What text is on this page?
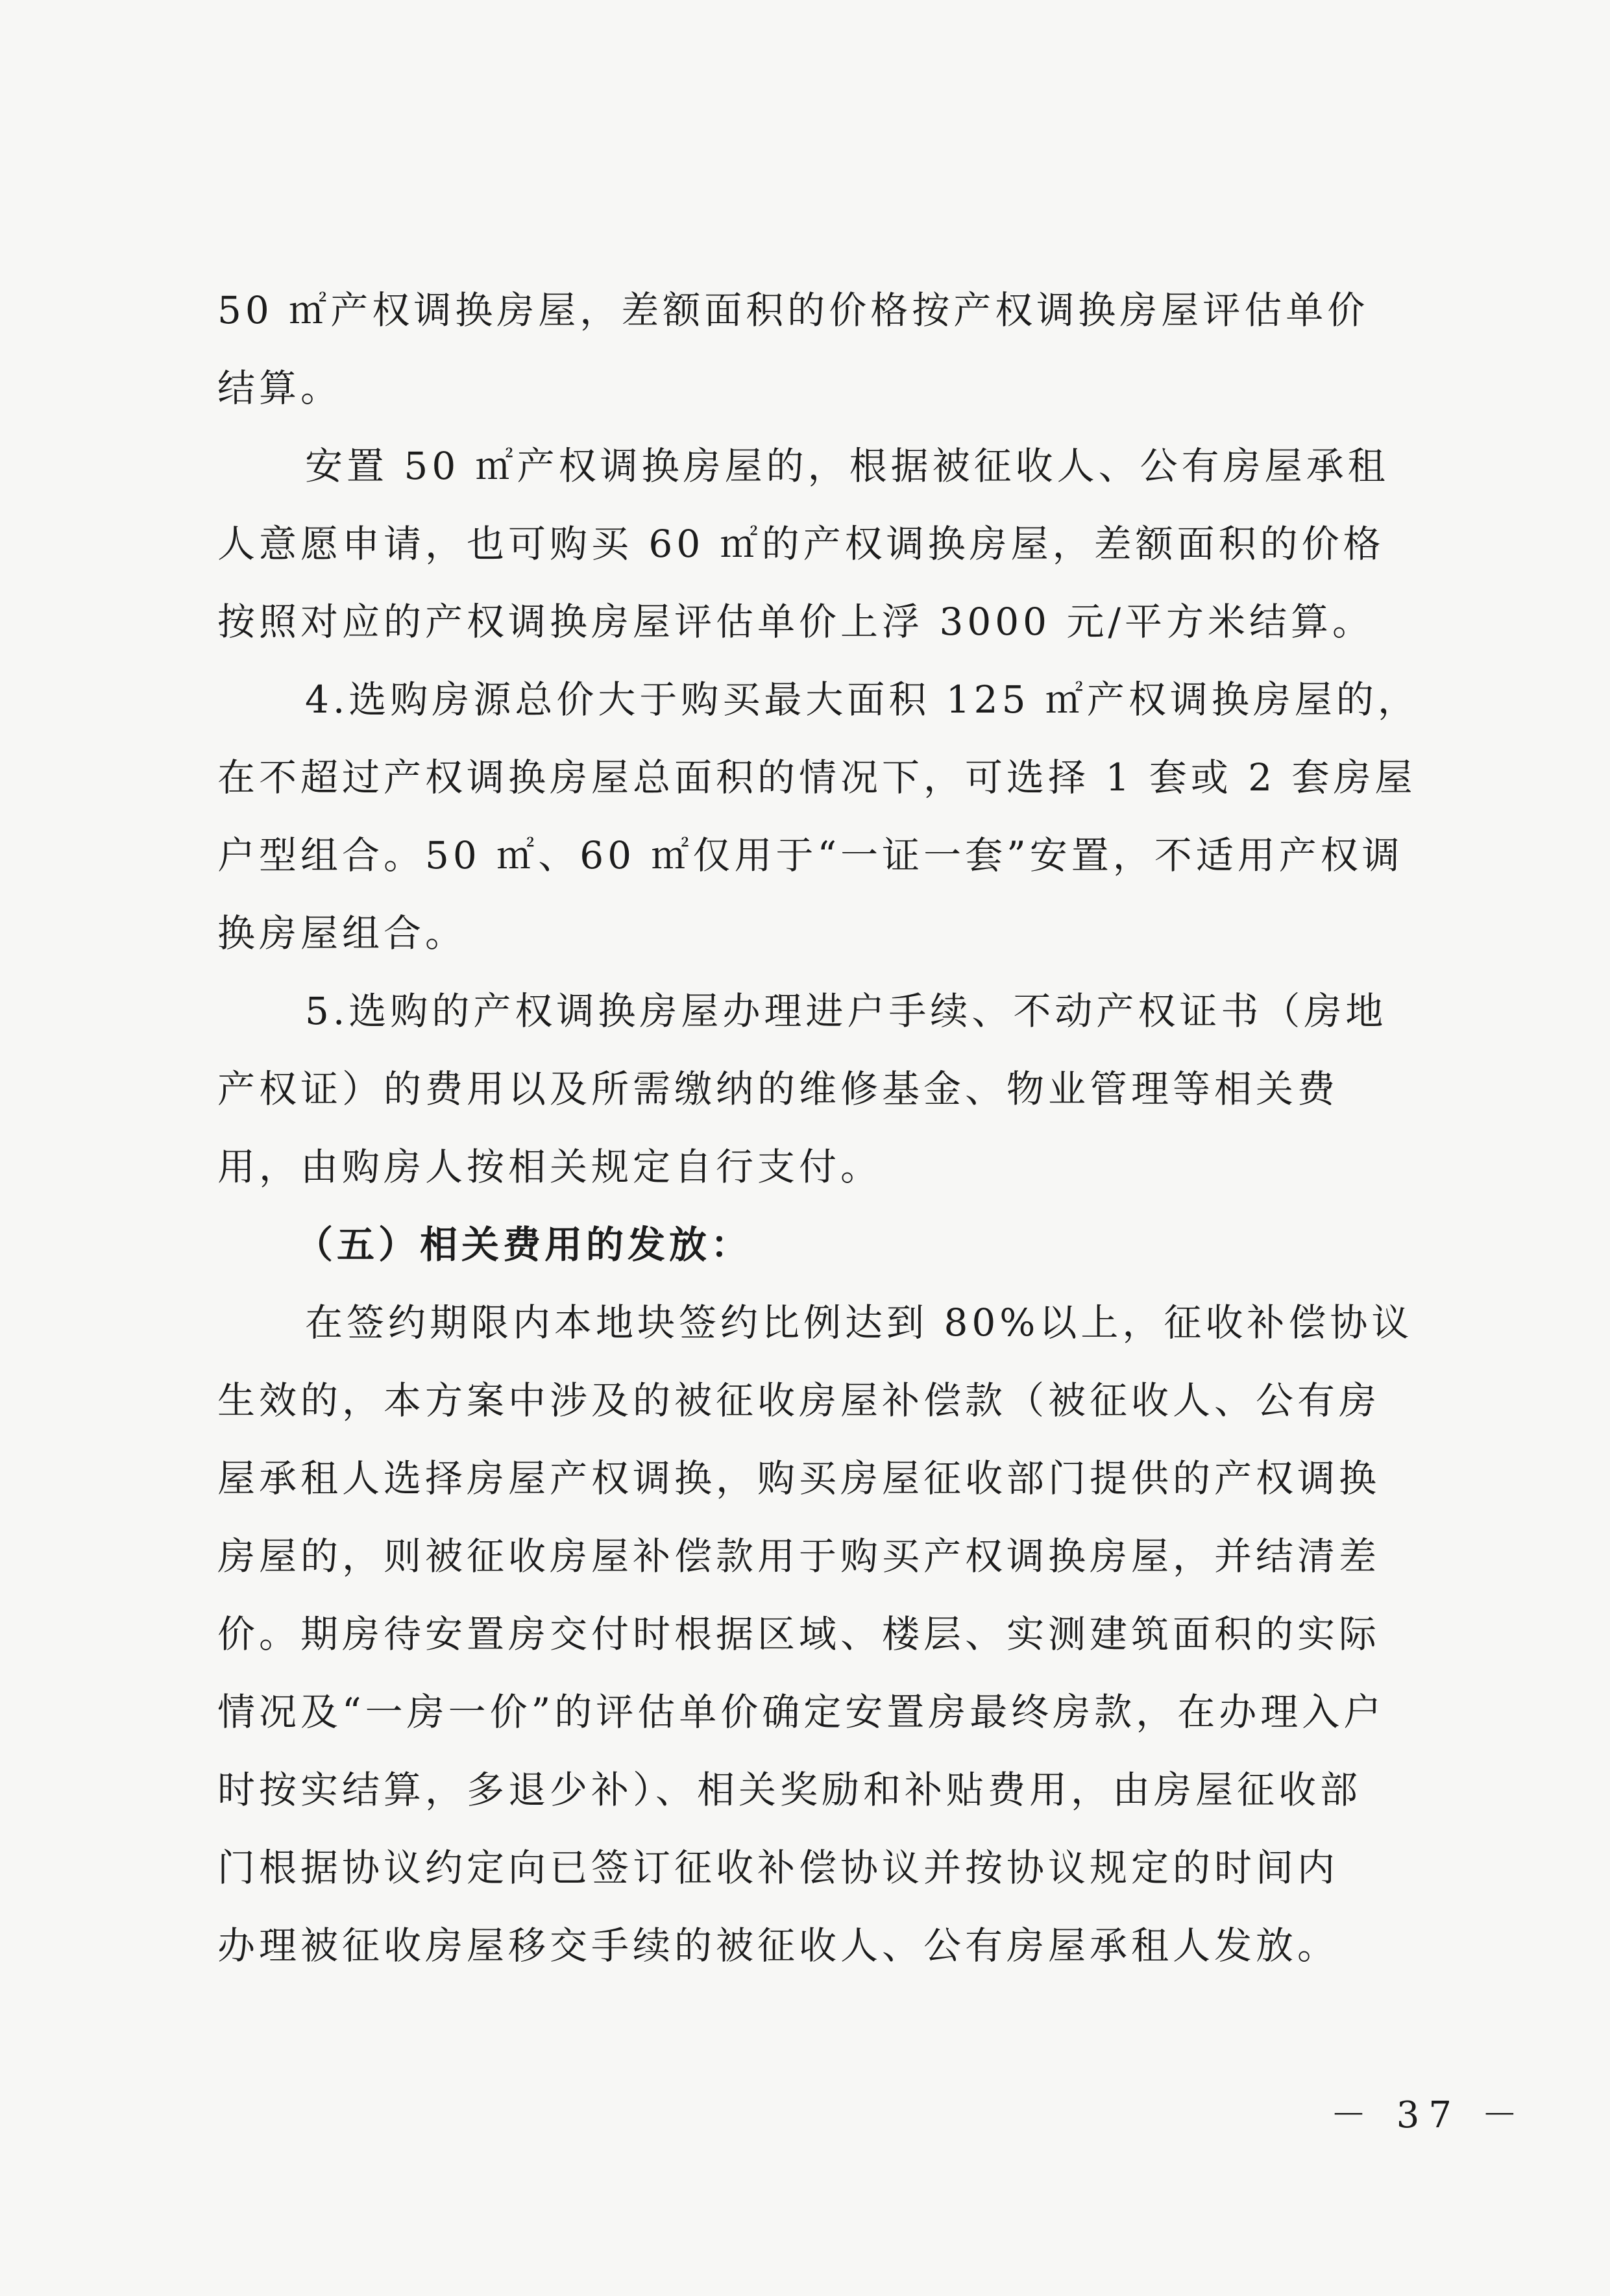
50 ㎡产权调换房屋，差额面积的价格按产权调换房屋评估单价
结算。
安置 50 ㎡产权调换房屋的，根据被征收人、公有房屋承租
人意愿申请，也可购买 60 ㎡的产权调换房屋，差额面积的价格
按照对应的产权调换房屋评估单价上浮 3000 元/平方米结算。
4.选购房源总价大于购买最大面积 125 ㎡产权调换房屋的，
在不超过产权调换房屋总面积的情况下，可选择 1 套或 2 套房屋
户型组合。50 ㎡、60 ㎡仅用于“一证一套”安置，不适用产权调
换房屋组合。
5.选购的产权调换房屋办理进户手续、不动产权证书（房地
产权证）的费用以及所需缴纳的维修基金、物业管理等相关费
用，由购房人按相关规定自行支付。
（五）相关费用的发放：
在签约期限内本地块签约比例达到 80%以上，征收补偿协议
生效的，本方案中涉及的被征收房屋补偿款（被征收人、公有房
屋承租人选择房屋产权调换，购买房屋征收部门提供的产权调换
房屋的，则被征收房屋补偿款用于购买产权调换房屋，并结清差
价。期房待安置房交付时根据区域、楼层、实测建筑面积的实际
情况及“一房一价”的评估单价确定安置房最终房款，在办理入户
时按实结算，多退少补）、相关奖励和补贴费用，由房屋征收部
门根据协议约定向已签订征收补偿协议并按协议规定的时间内
办理被征收房屋移交手续的被征收人、公有房屋承租人发放。
－ 37 －
